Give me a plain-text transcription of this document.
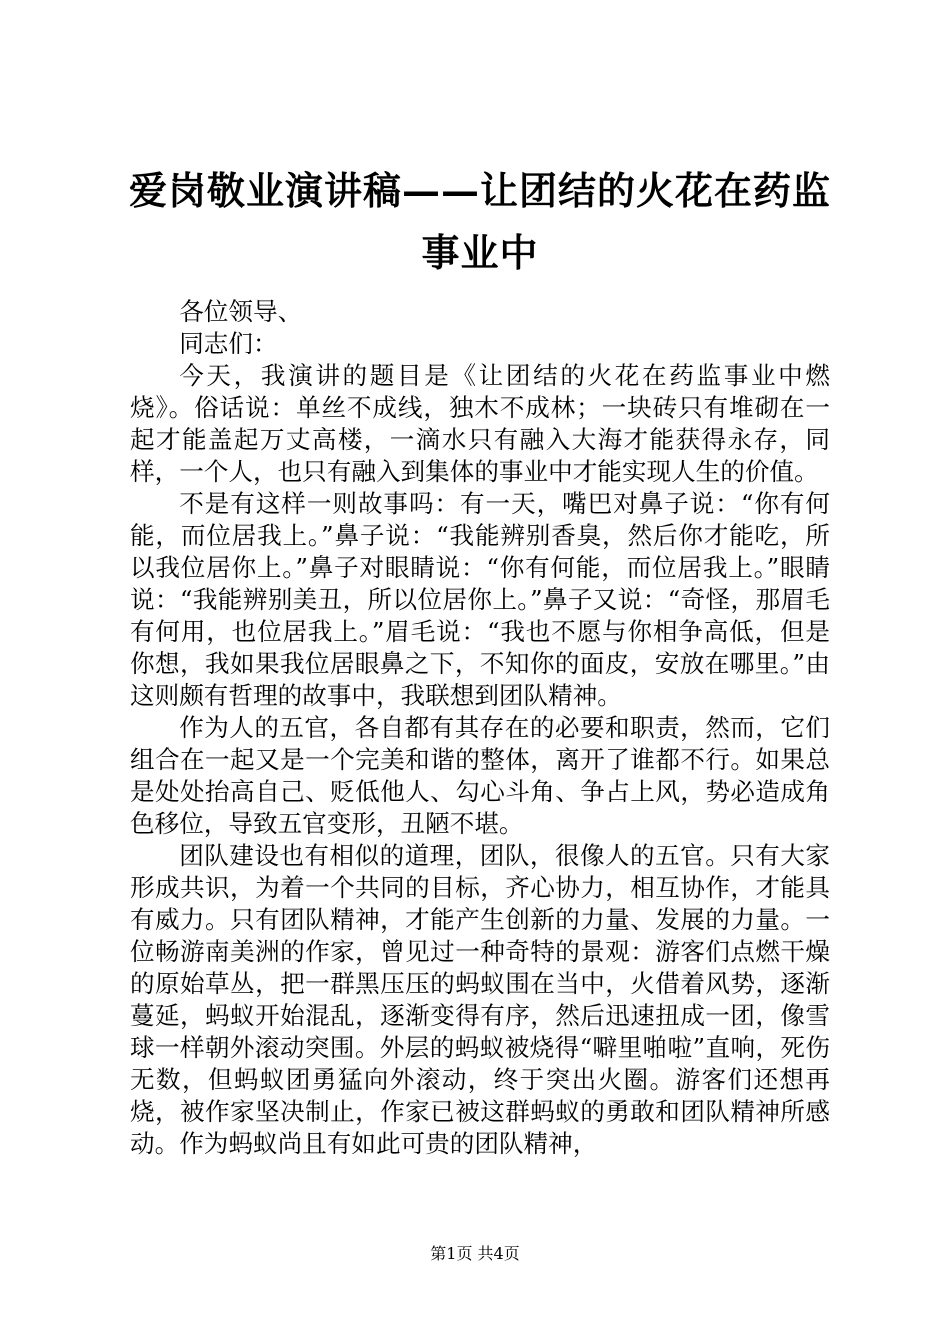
爱岗敬业演讲稿——让团结的火花在药监事业中
各位领导、
同志们：

今天，我演讲的题目是《让团结的火花在药监事业中燃烧》。俗话说：单丝不成线，独木不成林；一块砖只有堆砌在一起才能盖起万丈高楼，一滴水只有融入大海才能获得永存，同样，一个人，也只有融入到集体的事业中才能实现人生的价值。

不是有这样一则故事吗：有一天，嘴巴对鼻子说：“你有何能，而位居我上。”鼻子说：“我能辨别香臭，然后你才能吃，所以我位居你上。”鼻子对眼睛说：“你有何能，而位居我上。”眼睛说：“我能辨别美丑，所以位居你上。”鼻子又说：“奇怪，那眉毛有何用，也位居我上。”眉毛说：“我也不愿与你相争高低，但是你想，我如果我位居眼鼻之下，不知你的面皮，安放在哪里。”由这则颇有哲理的故事中，我联想到团队精神。

作为人的五官，各自都有其存在的必要和职责，然而，它们组合在一起又是一个完美和谐的整体，离开了谁都不行。如果总是处处抬高自己、贬低他人、勾心斗角、争占上风，势必造成角色移位，导致五官变形，丑陋不堪。

团队建设也有相似的道理，团队，很像人的五官。只有大家形成共识，为着一个共同的目标，齐心协力，相互协作，才能具有威力。只有团队精神，才能产生创新的力量、发展的力量。一位畅游南美洲的作家，曾见过一种奇特的景观：游客们点燃干燥的原始草丛，把一群黑压压的蚂蚁围在当中，火借着风势，逐渐蔓延，蚂蚁开始混乱，逐渐变得有序，然后迅速扭成一团，像雪球一样朝外滚动突围。外层的蚂蚁被烧得“噼里啪啦”直响，死伤无数，但蚂蚁团勇猛向外滚动，终于突出火圈。游客们还想再烧，被作家坚决制止，作家已被这群蚂蚁的勇敢和团队精神所感动。作为蚂蚁尚且有如此可贵的团队精神，

第1页 共4页
